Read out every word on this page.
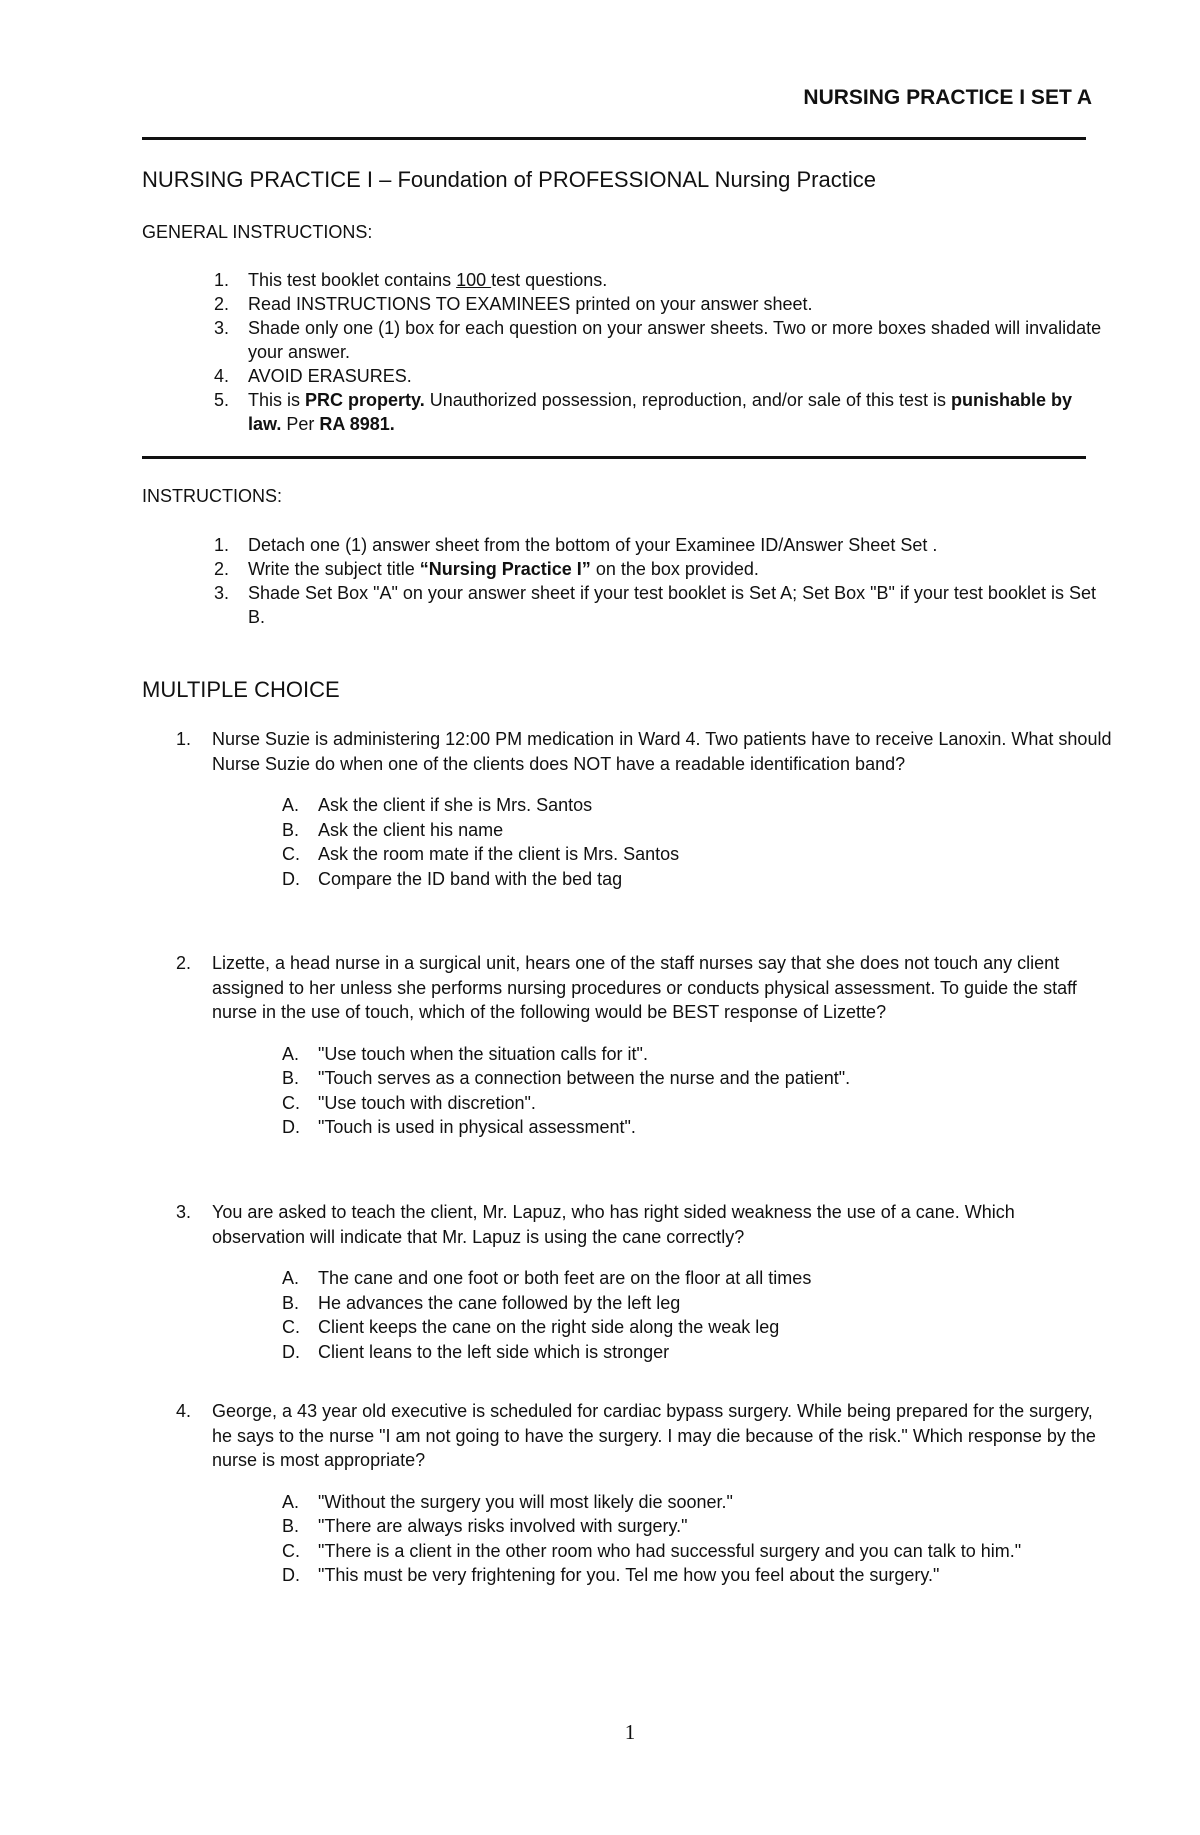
NURSING PRACTICE I SET A
NURSING PRACTICE I – Foundation of PROFESSIONAL Nursing Practice
GENERAL INSTRUCTIONS:
1. This test booklet contains 100 test questions.
2. Read INSTRUCTIONS TO EXAMINEES printed on your answer sheet.
3. Shade only one (1) box for each question on your answer sheets. Two or more boxes shaded will invalidate your answer.
4. AVOID ERASURES.
5. This is PRC property. Unauthorized possession, reproduction, and/or sale of this test is punishable by law. Per RA 8981.
INSTRUCTIONS:
1. Detach one (1) answer sheet from the bottom of your Examinee ID/Answer Sheet Set .
2. Write the subject title “Nursing Practice I” on the box provided.
3. Shade Set Box "A" on your answer sheet if your test booklet is Set A; Set Box "B" if your test booklet is Set B.
MULTIPLE CHOICE
1. Nurse Suzie is administering 12:00 PM medication in Ward 4. Two patients have to receive Lanoxin. What should Nurse Suzie do when one of the clients does NOT have a readable identification band?
A. Ask the client if she is Mrs. Santos
B. Ask the client his name
C. Ask the room mate if the client is Mrs. Santos
D. Compare the ID band with the bed tag
2. Lizette, a head nurse in a surgical unit, hears one of the staff nurses say that she does not touch any client assigned to her unless she performs nursing procedures or conducts physical assessment. To guide the staff nurse in the use of touch, which of the following would be BEST response of Lizette?
A. "Use touch when the situation calls for it".
B. "Touch serves as a connection between the nurse and the patient".
C. "Use touch with discretion".
D. "Touch is used in physical assessment".
3. You are asked to teach the client, Mr. Lapuz, who has right sided weakness the use of a cane. Which observation will indicate that Mr. Lapuz is using the cane correctly?
A. The cane and one foot or both feet are on the floor at all times
B. He advances the cane followed by the left leg
C. Client keeps the cane on the right side along the weak leg
D. Client leans to the left side which is stronger
4. George, a 43 year old executive is scheduled for cardiac bypass surgery. While being prepared for the surgery, he says to the nurse "I am not going to have the surgery. I may die because of the risk." Which response by the nurse is most appropriate?
A. "Without the surgery you will most likely die sooner."
B. "There are always risks involved with surgery."
C. "There is a client in the other room who had successful surgery and you can talk to him."
D. "This must be very frightening for you. Tel me how you feel about the surgery."
1
